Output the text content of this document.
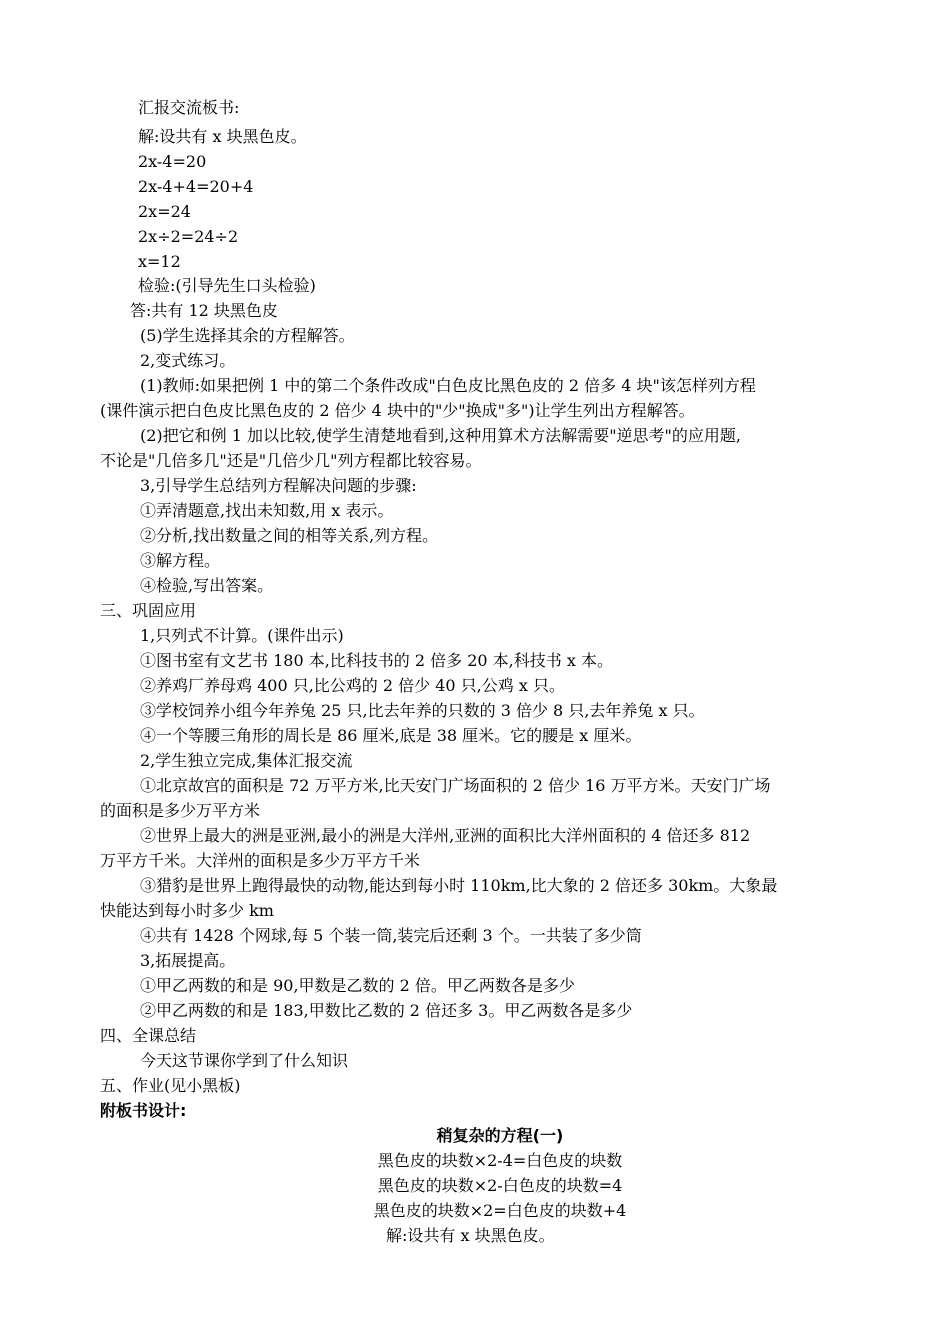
汇报交流板书:
解:设共有 x 块黑色皮。
2x-4=20
2x-4+4=20+4
2x=24
2x÷2=24÷2
x=12
检验:(引导先生口头检验)
答:共有 12 块黑色皮
(5)学生选择其余的方程解答。
2,变式练习。
(1)教师:如果把例 1 中的第二个条件改成"白色皮比黑色皮的 2 倍多 4 块"该怎样列方程
(课件演示把白色皮比黑色皮的 2 倍少 4 块中的"少"换成"多")让学生列出方程解答。
(2)把它和例 1 加以比较,使学生清楚地看到,这种用算术方法解需要"逆思考"的应用题,
不论是"几倍多几"还是"几倍少几"列方程都比较容易。
3,引导学生总结列方程解决问题的步骤:
①弄清题意,找出未知数,用 x 表示。
②分析,找出数量之间的相等关系,列方程。
③解方程。
④检验,写出答案。
三、巩固应用
1,只列式不计算。(课件出示)
①图书室有文艺书 180 本,比科技书的 2 倍多 20 本,科技书 x 本。
②养鸡厂养母鸡 400 只,比公鸡的 2 倍少 40 只,公鸡 x 只。
③学校饲养小组今年养兔 25 只,比去年养的只数的 3 倍少 8 只,去年养兔 x 只。
④一个等腰三角形的周长是 86 厘米,底是 38 厘米。它的腰是 x 厘米。
2,学生独立完成,集体汇报交流
①北京故宫的面积是 72 万平方米,比天安门广场面积的 2 倍少 16 万平方米。天安门广场
的面积是多少万平方米
②世界上最大的洲是亚洲,最小的洲是大洋州,亚洲的面积比大洋州面积的 4 倍还多 812
万平方千米。大洋州的面积是多少万平方千米
③猎豹是世界上跑得最快的动物,能达到每小时 110km,比大象的 2 倍还多 30km。大象最
快能达到每小时多少 km
④共有 1428 个网球,每 5 个装一筒,装完后还剩 3 个。一共装了多少筒
3,拓展提高。
①甲乙两数的和是 90,甲数是乙数的 2 倍。甲乙两数各是多少
②甲乙两数的和是 183,甲数比乙数的 2 倍还多 3。甲乙两数各是多少
四、全课总结
今天这节课你学到了什么知识
五、作业(见小黑板)
附板书设计:
稍复杂的方程(一)
黑色皮的块数×2-4=白色皮的块数
黑色皮的块数×2-白色皮的块数=4
黑色皮的块数×2=白色皮的块数+4
解:设共有 x 块黑色皮。
